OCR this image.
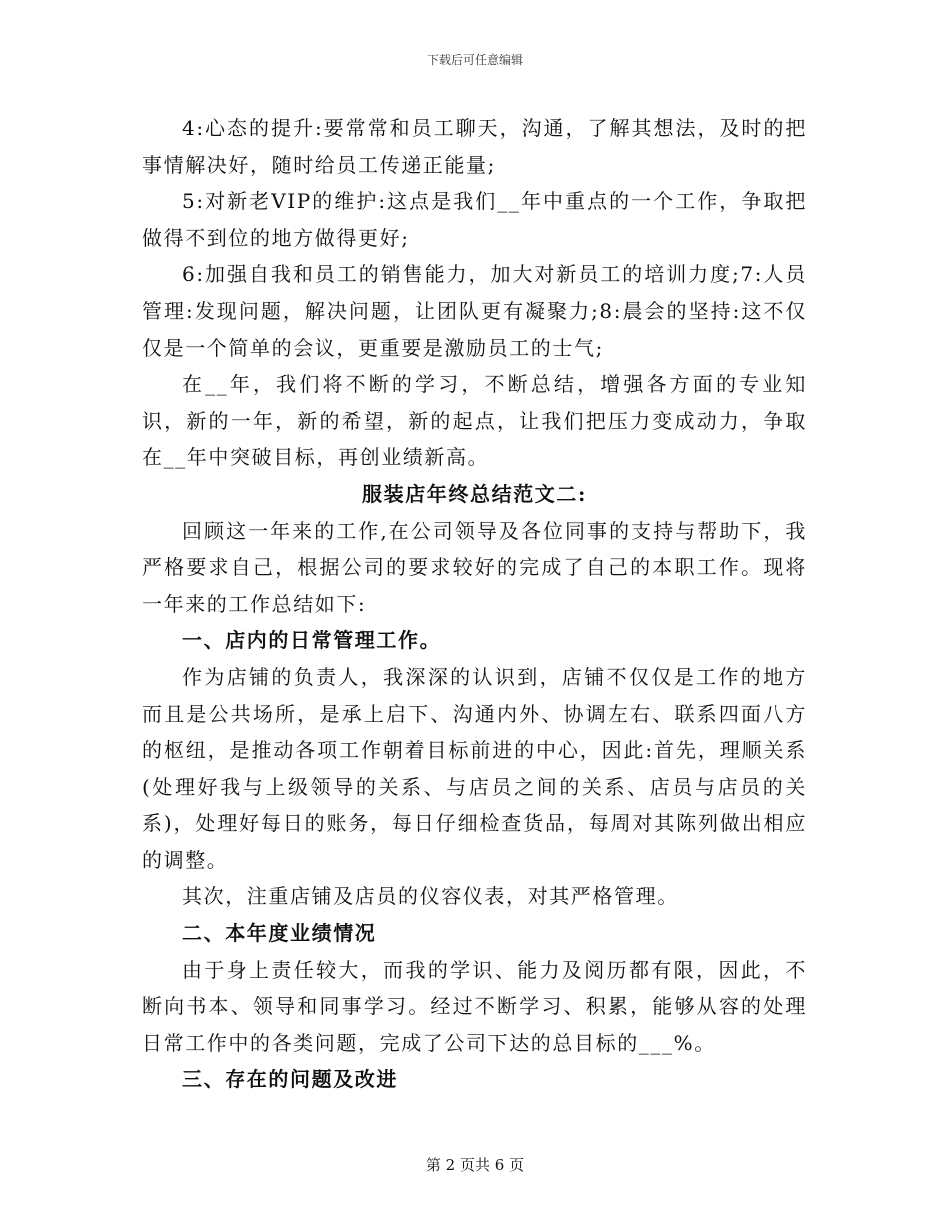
下载后可任意编辑

4:心态的提升:要常常和员工聊天，沟通，了解其想法，及时的把事情解决好，随时给员工传递正能量;

5:对新老VIP的维护:这点是我们__年中重点的一个工作，争取把做得不到位的地方做得更好;

6:加强自我和员工的销售能力，加大对新员工的培训力度;7:人员管理:发现问题，解决问题，让团队更有凝聚力;8:晨会的坚持:这不仅仅是一个简单的会议，更重要是激励员工的士气;

在__年，我们将不断的学习，不断总结，增强各方面的专业知识，新的一年，新的希望，新的起点，让我们把压力变成动力，争取在__年中突破目标，再创业绩新高。

服装店年终总结范文二:

回顾这一年来的工作,在公司领导及各位同事的支持与帮助下，我严格要求自己，根据公司的要求较好的完成了自己的本职工作。现将一年来的工作总结如下:

一、店内的日常管理工作。

作为店铺的负责人，我深深的认识到，店铺不仅仅是工作的地方而且是公共场所，是承上启下、沟通内外、协调左右、联系四面八方的枢纽，是推动各项工作朝着目标前进的中心，因此:首先，理顺关系(处理好我与上级领导的关系、与店员之间的关系、店员与店员的关系)，处理好每日的账务，每日仔细检查货品，每周对其陈列做出相应的调整。

其次，注重店铺及店员的仪容仪表，对其严格管理。

二、本年度业绩情况

由于身上责任较大，而我的学识、能力及阅历都有限，因此，不断向书本、领导和同事学习。经过不断学习、积累，能够从容的处理日常工作中的各类问题，完成了公司下达的总目标的___%。

三、存在的问题及改进
第 2 页共 6 页
